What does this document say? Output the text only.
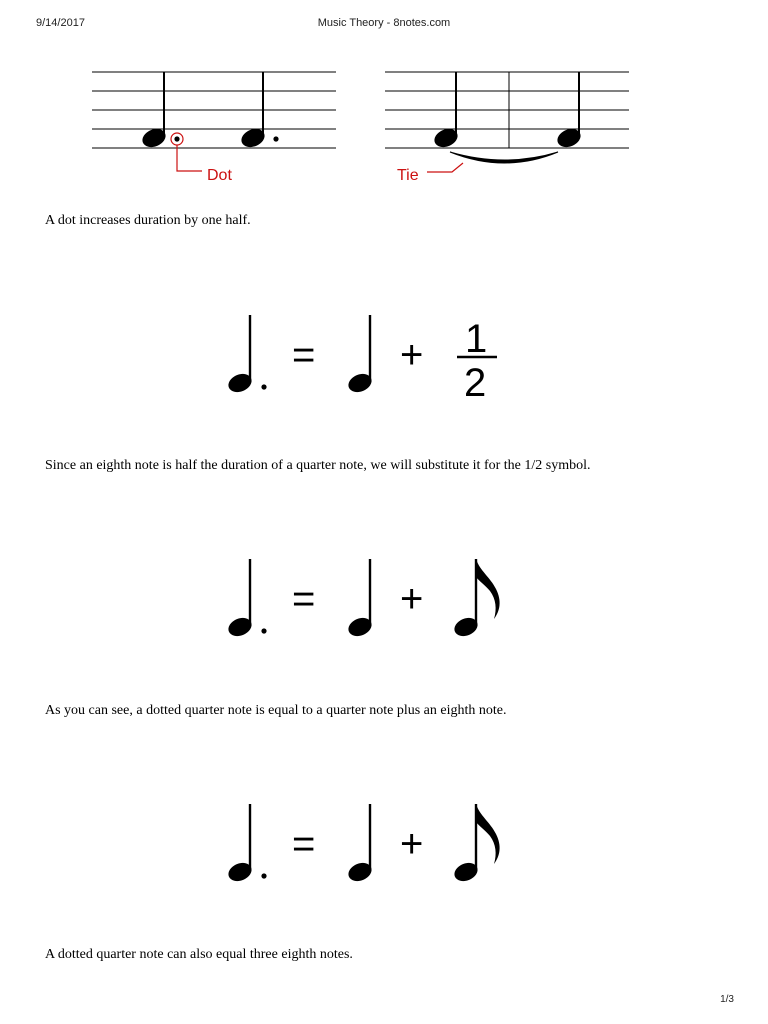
9/14/2017	Music Theory - 8notes.com
Dot	Tie
A dot increases duration by one half.
= + 1
2
Since an eighth note is half the duration of a quarter note, we will substitute it for the 1/2 symbol.
= +
As you can see, a dotted quarter note is equal to a quarter note plus an eighth note.
= +
A dotted quarter note can also equal three eighth notes.
1/3
